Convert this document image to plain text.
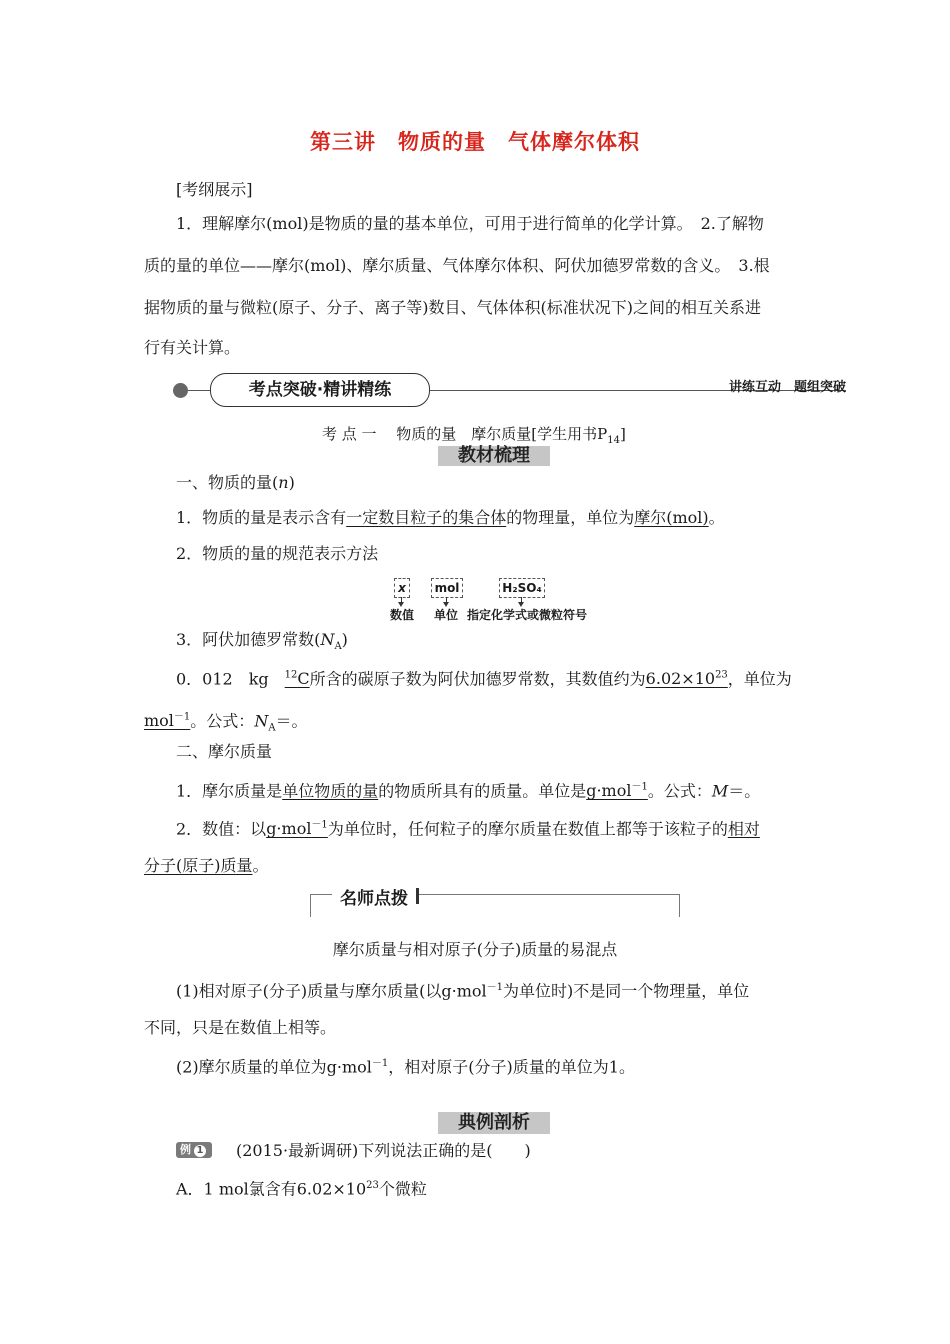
第三讲　物质的量　气体摩尔体积
[考纲展示]
1．理解摩尔(mol)是物质的量的基本单位，可用于进行简单的化学计算。　2.了解物
质的量的单位——摩尔(mol)、摩尔质量、气体摩尔体积、阿伏加德罗常数的含义。　3.根
据物质的量与微粒(原子、分子、离子等)数目、气体体积(标准状况下)之间的相互关系进
行有关计算。
考点突破·精讲精练	讲练互动　题组突破
考 点 一　 物质的量　摩尔质量[学生用书$P_{14}$]
教材梳理
一、物质的量(n)
1．物质的量是表示含有一定数目粒子的集合体的物理量，单位为摩尔(mol)。
2．物质的量的规范表示方法
x	mol	H₂SO₄
数值 单位 指定化学式或微粒符号
3．阿伏加德罗常数$(N_A)$
0．012　kg　$^{12}$C所含的碳原子数为阿伏加德罗常数，其数值约为$6.02\times 10^{23}$，单位为
mol$^{-1}$。公式：$N_A=$。
二、摩尔质量
1．摩尔质量是单位物质的量的物质所具有的质量。单位是g·mol$^{-1}$。公式：M＝。
2．数值：以g·mol$^{-1}$为单位时，任何粒子的摩尔质量在数值上都等于该粒子的相对
分子(原子)质量。
名师点拨
摩尔质量与相对原子(分子)质量的易混点
(1)相对原子(分子)质量与摩尔质量(以g·mol$^{-1}$为单位时)不是同一个物理量，单位
不同，只是在数值上相等。
(2)摩尔质量的单位为g·mol$^{-1}$，相对原子(分子)质量的单位为1。
典例剖析
例 1	(2015·最新调研)下列说法正确的是(　　)
A．1 mol氯含有$6.02\times 10^{23}$个微粒
